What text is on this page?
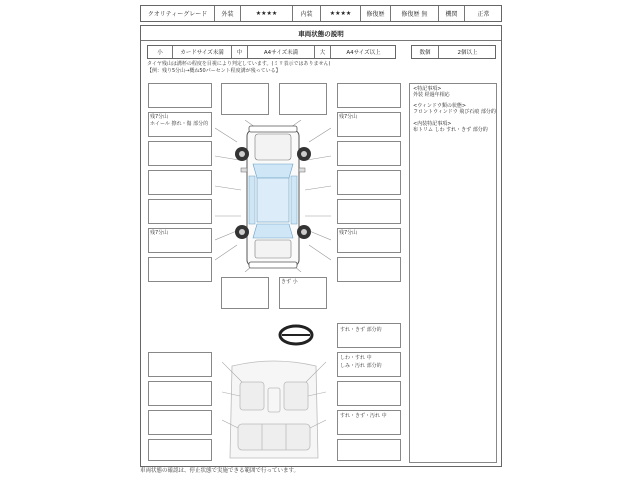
クオリティーグレード	外装	★★★★	内装	★★★★	修復歴	修復歴 無	機関	正常
車両状態の説明
小	カードサイズ未満	中	A4サイズ未満	大	A4サイズ以上	数個	2個以上
タイヤ残山は溝杯の程度を目視により判定しています。(ミリ表示ではありません)
【例：残り5分山→概ね50パーセント程度溝が残っている】
<特記事項>
外装 経過年相応
<ウィンドウ類の状態>
フロントウィンドウ 飛び石痕 部分的
<内装特記事項>
布トリム しわ すれ・きず 部分的
残7分山
ホイール 擦れ・傷 部分的
残7分山
残7分山
残7分山
きず 小
すれ・きず 部分的
しわ・すれ 中
しみ・汚れ 部分的
すれ・きず・汚れ 中
車両状態の確認は、停止状態で実施できる範囲で行っています。
